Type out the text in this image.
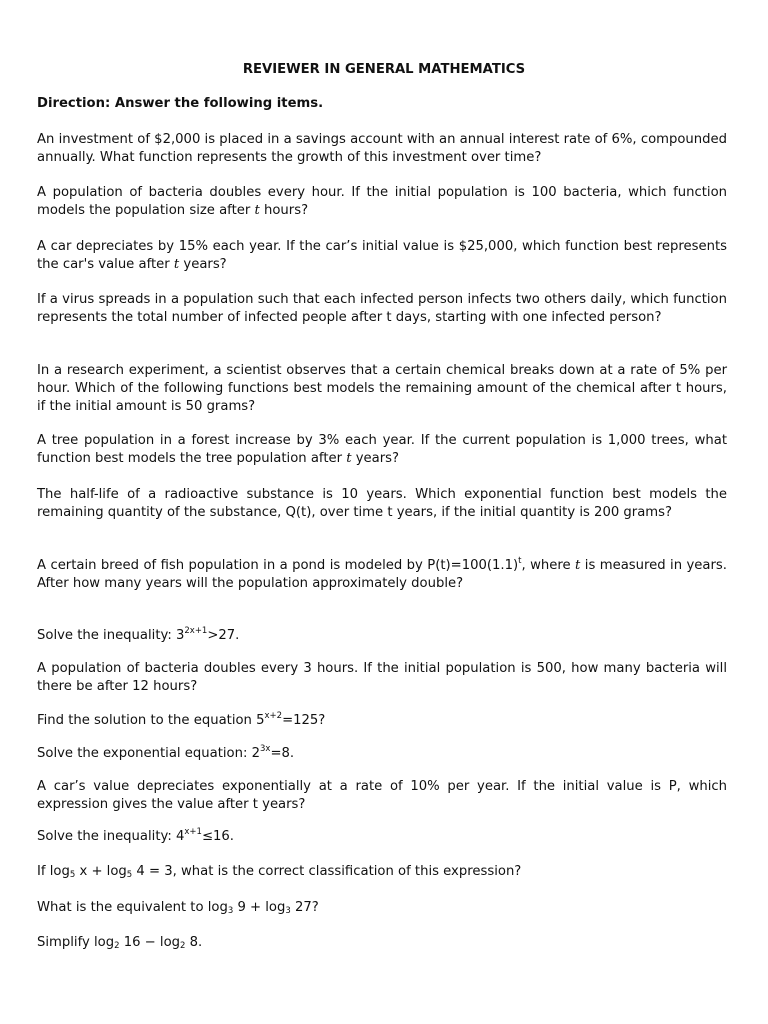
REVIEWER IN GENERAL MATHEMATICS
Direction: Answer the following items.

An investment of $2,000 is placed in a savings account with an annual interest rate of 6%, compounded annually. What function represents the growth of this investment over time?

A population of bacteria doubles every hour. If the initial population is 100 bacteria, which function models the population size after t hours?

A car depreciates by 15% each year. If the car’s initial value is $25,000, which function best represents the car's value after t years?

If a virus spreads in a population such that each infected person infects two others daily, which function represents the total number of infected people after t days, starting with one infected person?

In a research experiment, a scientist observes that a certain chemical breaks down at a rate of 5% per hour. Which of the following functions best models the remaining amount of the chemical after t hours, if the initial amount is 50 grams?

A tree population in a forest increase by 3% each year. If the current population is 1,000 trees, what function best models the tree population after t years?

The half-life of a radioactive substance is 10 years. Which exponential function best models the remaining quantity of the substance, Q(t), over time t years, if the initial quantity is 200 grams?

A certain breed of fish population in a pond is modeled by $P(t)=100(1.1)^t$, where t is measured in years. After how many years will the population approximately double?

Solve the inequality: $3^{2x+1}>27$.

A population of bacteria doubles every 3 hours. If the initial population is 500, how many bacteria will there be after 12 hours?

Find the solution to the equation $5^{x+2}=125$?

Solve the exponential equation: $2^{3x}=8$.

A car’s value depreciates exponentially at a rate of 10% per year. If the initial value is P, which expression gives the value after t years?

Solve the inequality: $4^{x+1}\le 16$.

If $\log_5 x + \log_5 4 = 3$, what is the correct classification of this expression?

What is the equivalent to $\log_3 9 + \log_3 27$?

Simplify $\log_2 16 - \log_2 8$.
